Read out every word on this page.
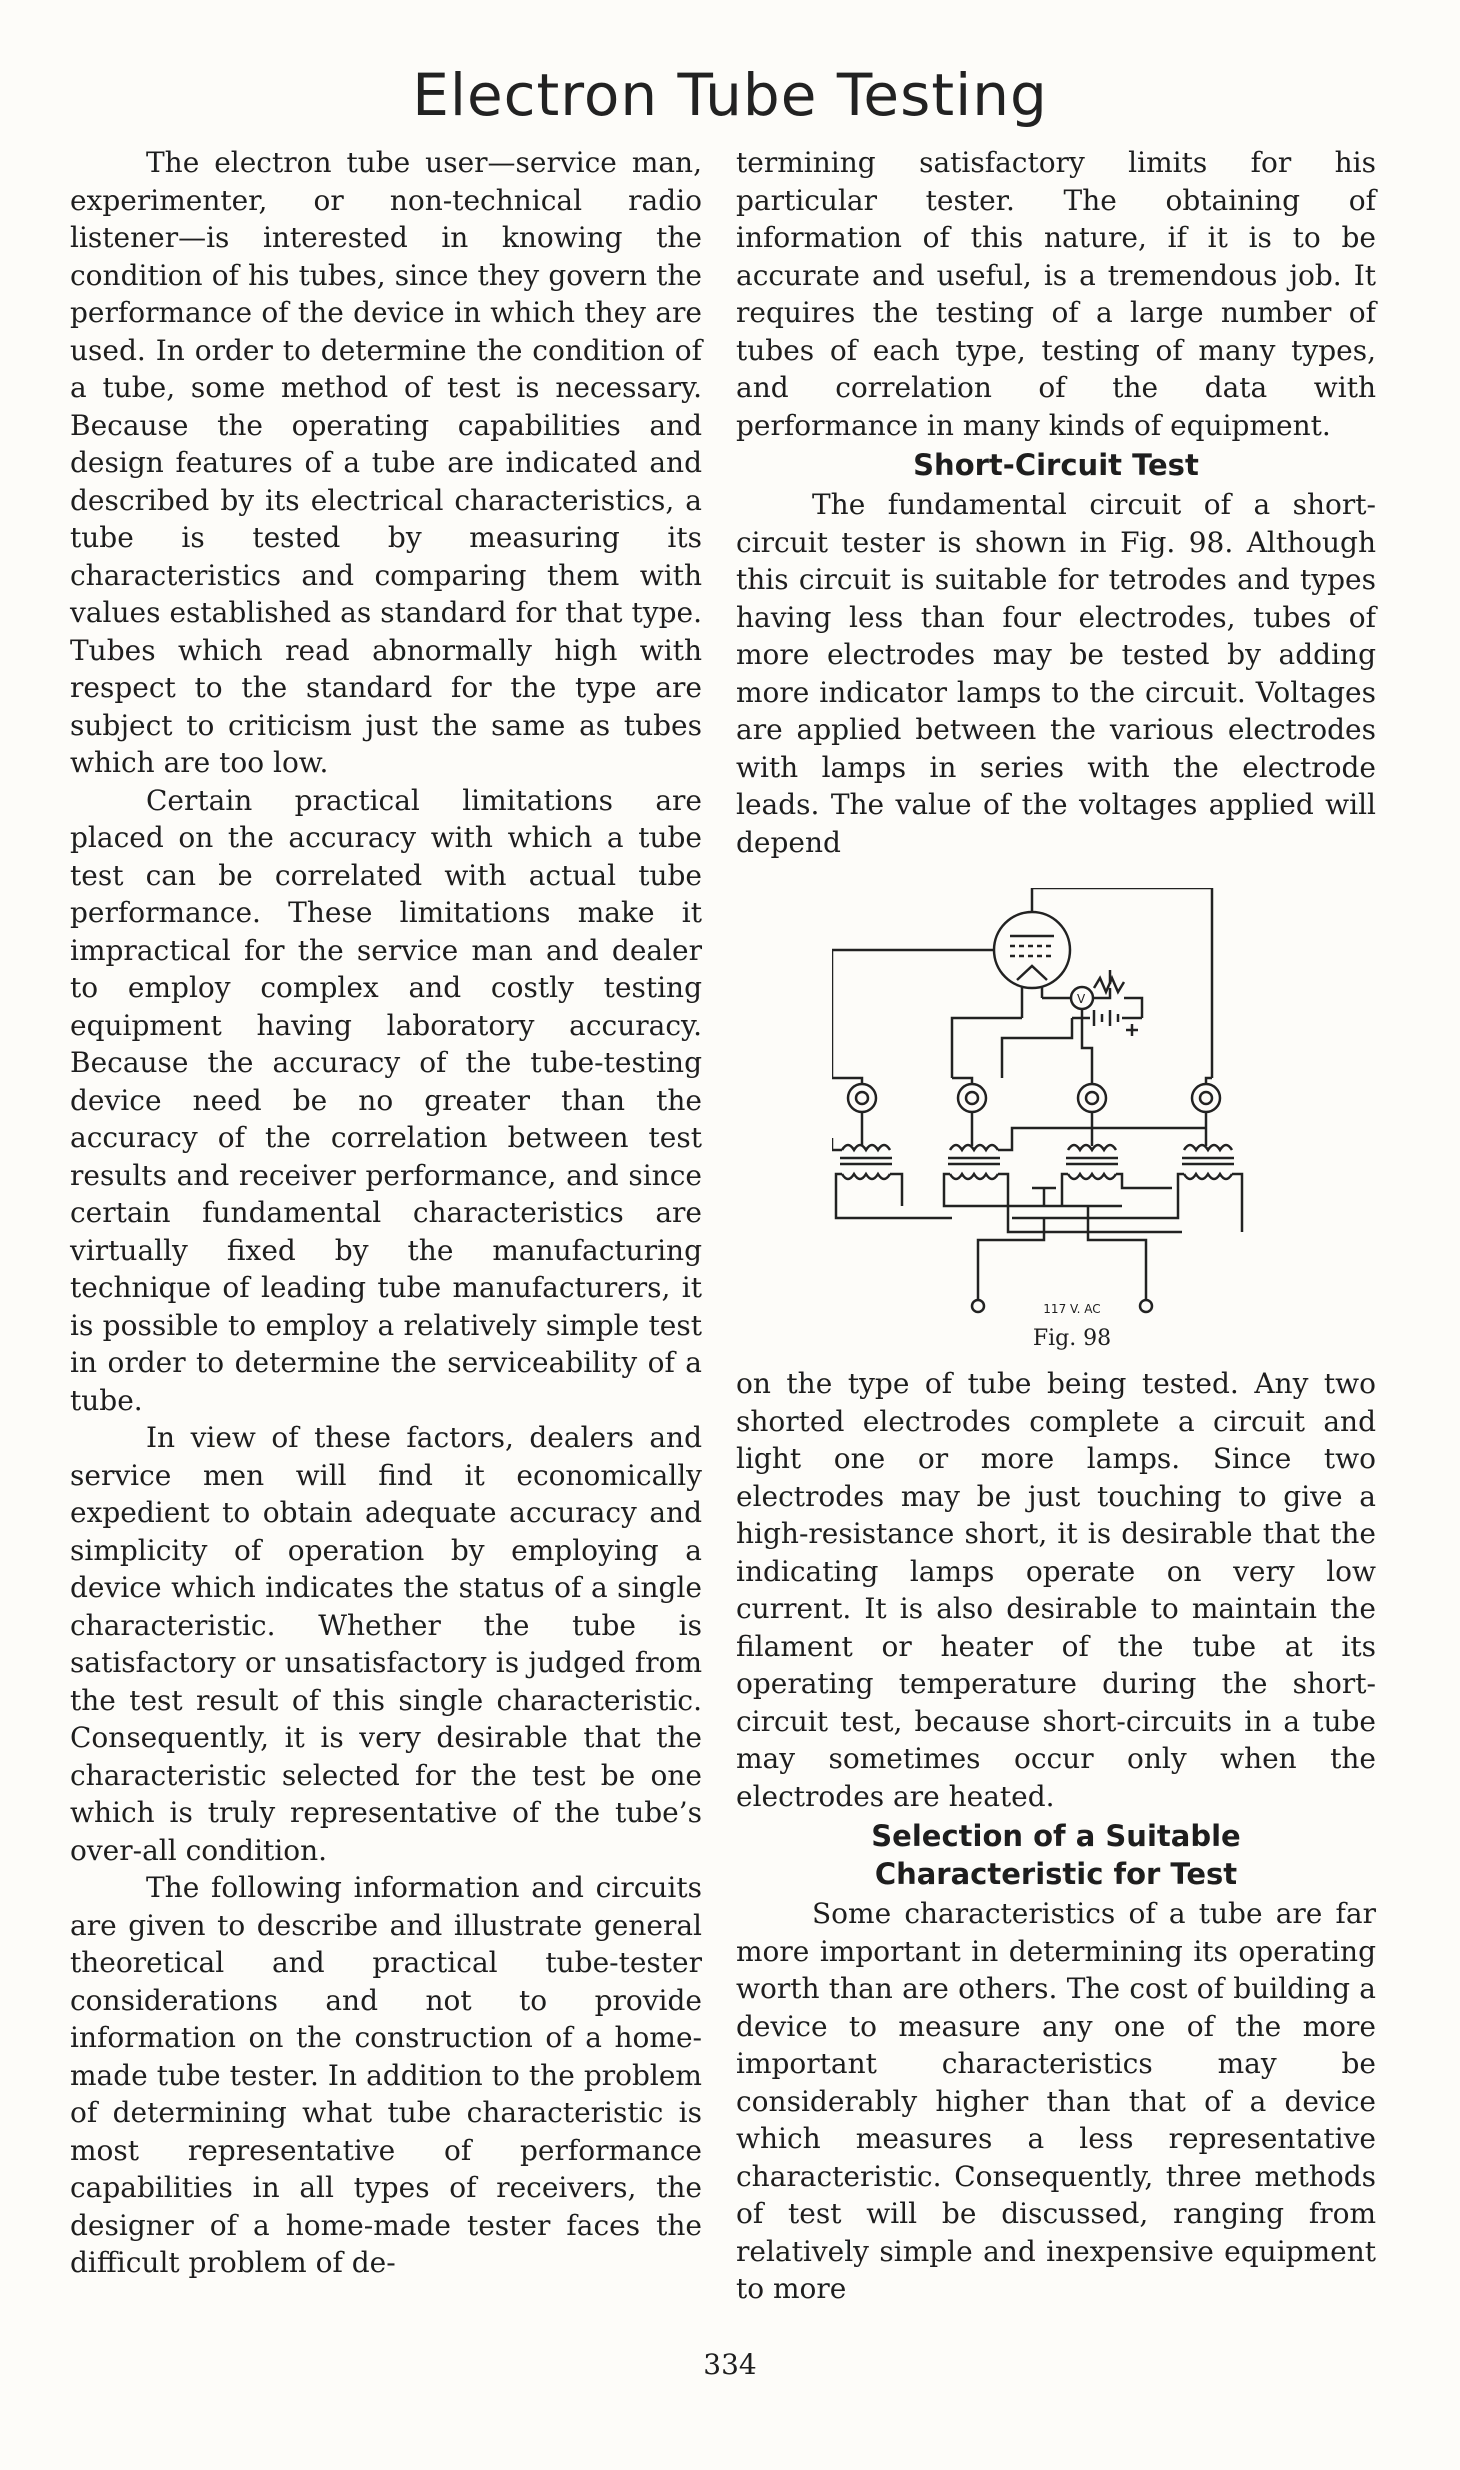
Electron Tube Testing

The electron tube user—service man, experimenter, or non-technical radio listener—is interested in knowing the condition of his tubes, since they govern the performance of the device in which they are used. In order to determine the condition of a tube, some method of test is necessary. Because the operating capabilities and design features of a tube are indicated and described by its electrical characteristics, a tube is tested by measuring its characteristics and comparing them with values established as standard for that type. Tubes which read abnormally high with respect to the standard for the type are subject to criticism just the same as tubes which are too low.

Certain practical limitations are placed on the accuracy with which a tube test can be correlated with actual tube performance. These limitations make it impractical for the service man and dealer to employ complex and costly testing equipment having laboratory accuracy. Because the accuracy of the tube-testing device need be no greater than the accuracy of the correlation between test results and receiver performance, and since certain fundamental characteristics are virtually fixed by the manufacturing technique of leading tube manufacturers, it is possible to employ a relatively simple test in order to determine the serviceability of a tube.

In view of these factors, dealers and service men will find it economically expedient to obtain adequate accuracy and simplicity of operation by employing a device which indicates the status of a single characteristic. Whether the tube is satisfactory or unsatisfactory is judged from the test result of this single characteristic. Consequently, it is very desirable that the characteristic selected for the test be one which is truly representative of the tube’s over-all condition.

The following information and circuits are given to describe and illustrate general theoretical and practical tube-tester considerations and not to provide information on the construction of a home-made tube tester. In addition to the problem of determining what tube characteristic is most representative of performance capabilities in all types of receivers, the designer of a home-made tester faces the difficult problem of de-

termining satisfactory limits for his particular tester. The obtaining of information of this nature, if it is to be accurate and useful, is a tremendous job. It requires the testing of a large number of tubes of each type, testing of many types, and correlation of the data with performance in many kinds of equipment.

Short-Circuit Test

The fundamental circuit of a short-circuit tester is shown in Fig. 98. Although this circuit is suitable for tetrodes and types having less than four electrodes, tubes of more electrodes may be tested by adding more indicator lamps to the circuit. Voltages are applied between the various electrodes with lamps in series with the electrode leads. The value of the voltages applied will depend

V
117 V. AC
Fig. 98

on the type of tube being tested. Any two shorted electrodes complete a circuit and light one or more lamps. Since two electrodes may be just touching to give a high-resistance short, it is desirable that the indicating lamps operate on very low current. It is also desirable to maintain the filament or heater of the tube at its operating temperature during the short-circuit test, because short-circuits in a tube may sometimes occur only when the electrodes are heated.

Selection of a Suitable
Characteristic for Test

Some characteristics of a tube are far more important in determining its operating worth than are others. The cost of building a device to measure any one of the more important characteristics may be considerably higher than that of a device which measures a less representative characteristic. Consequently, three methods of test will be discussed, ranging from relatively simple and inexpensive equipment to more

334
